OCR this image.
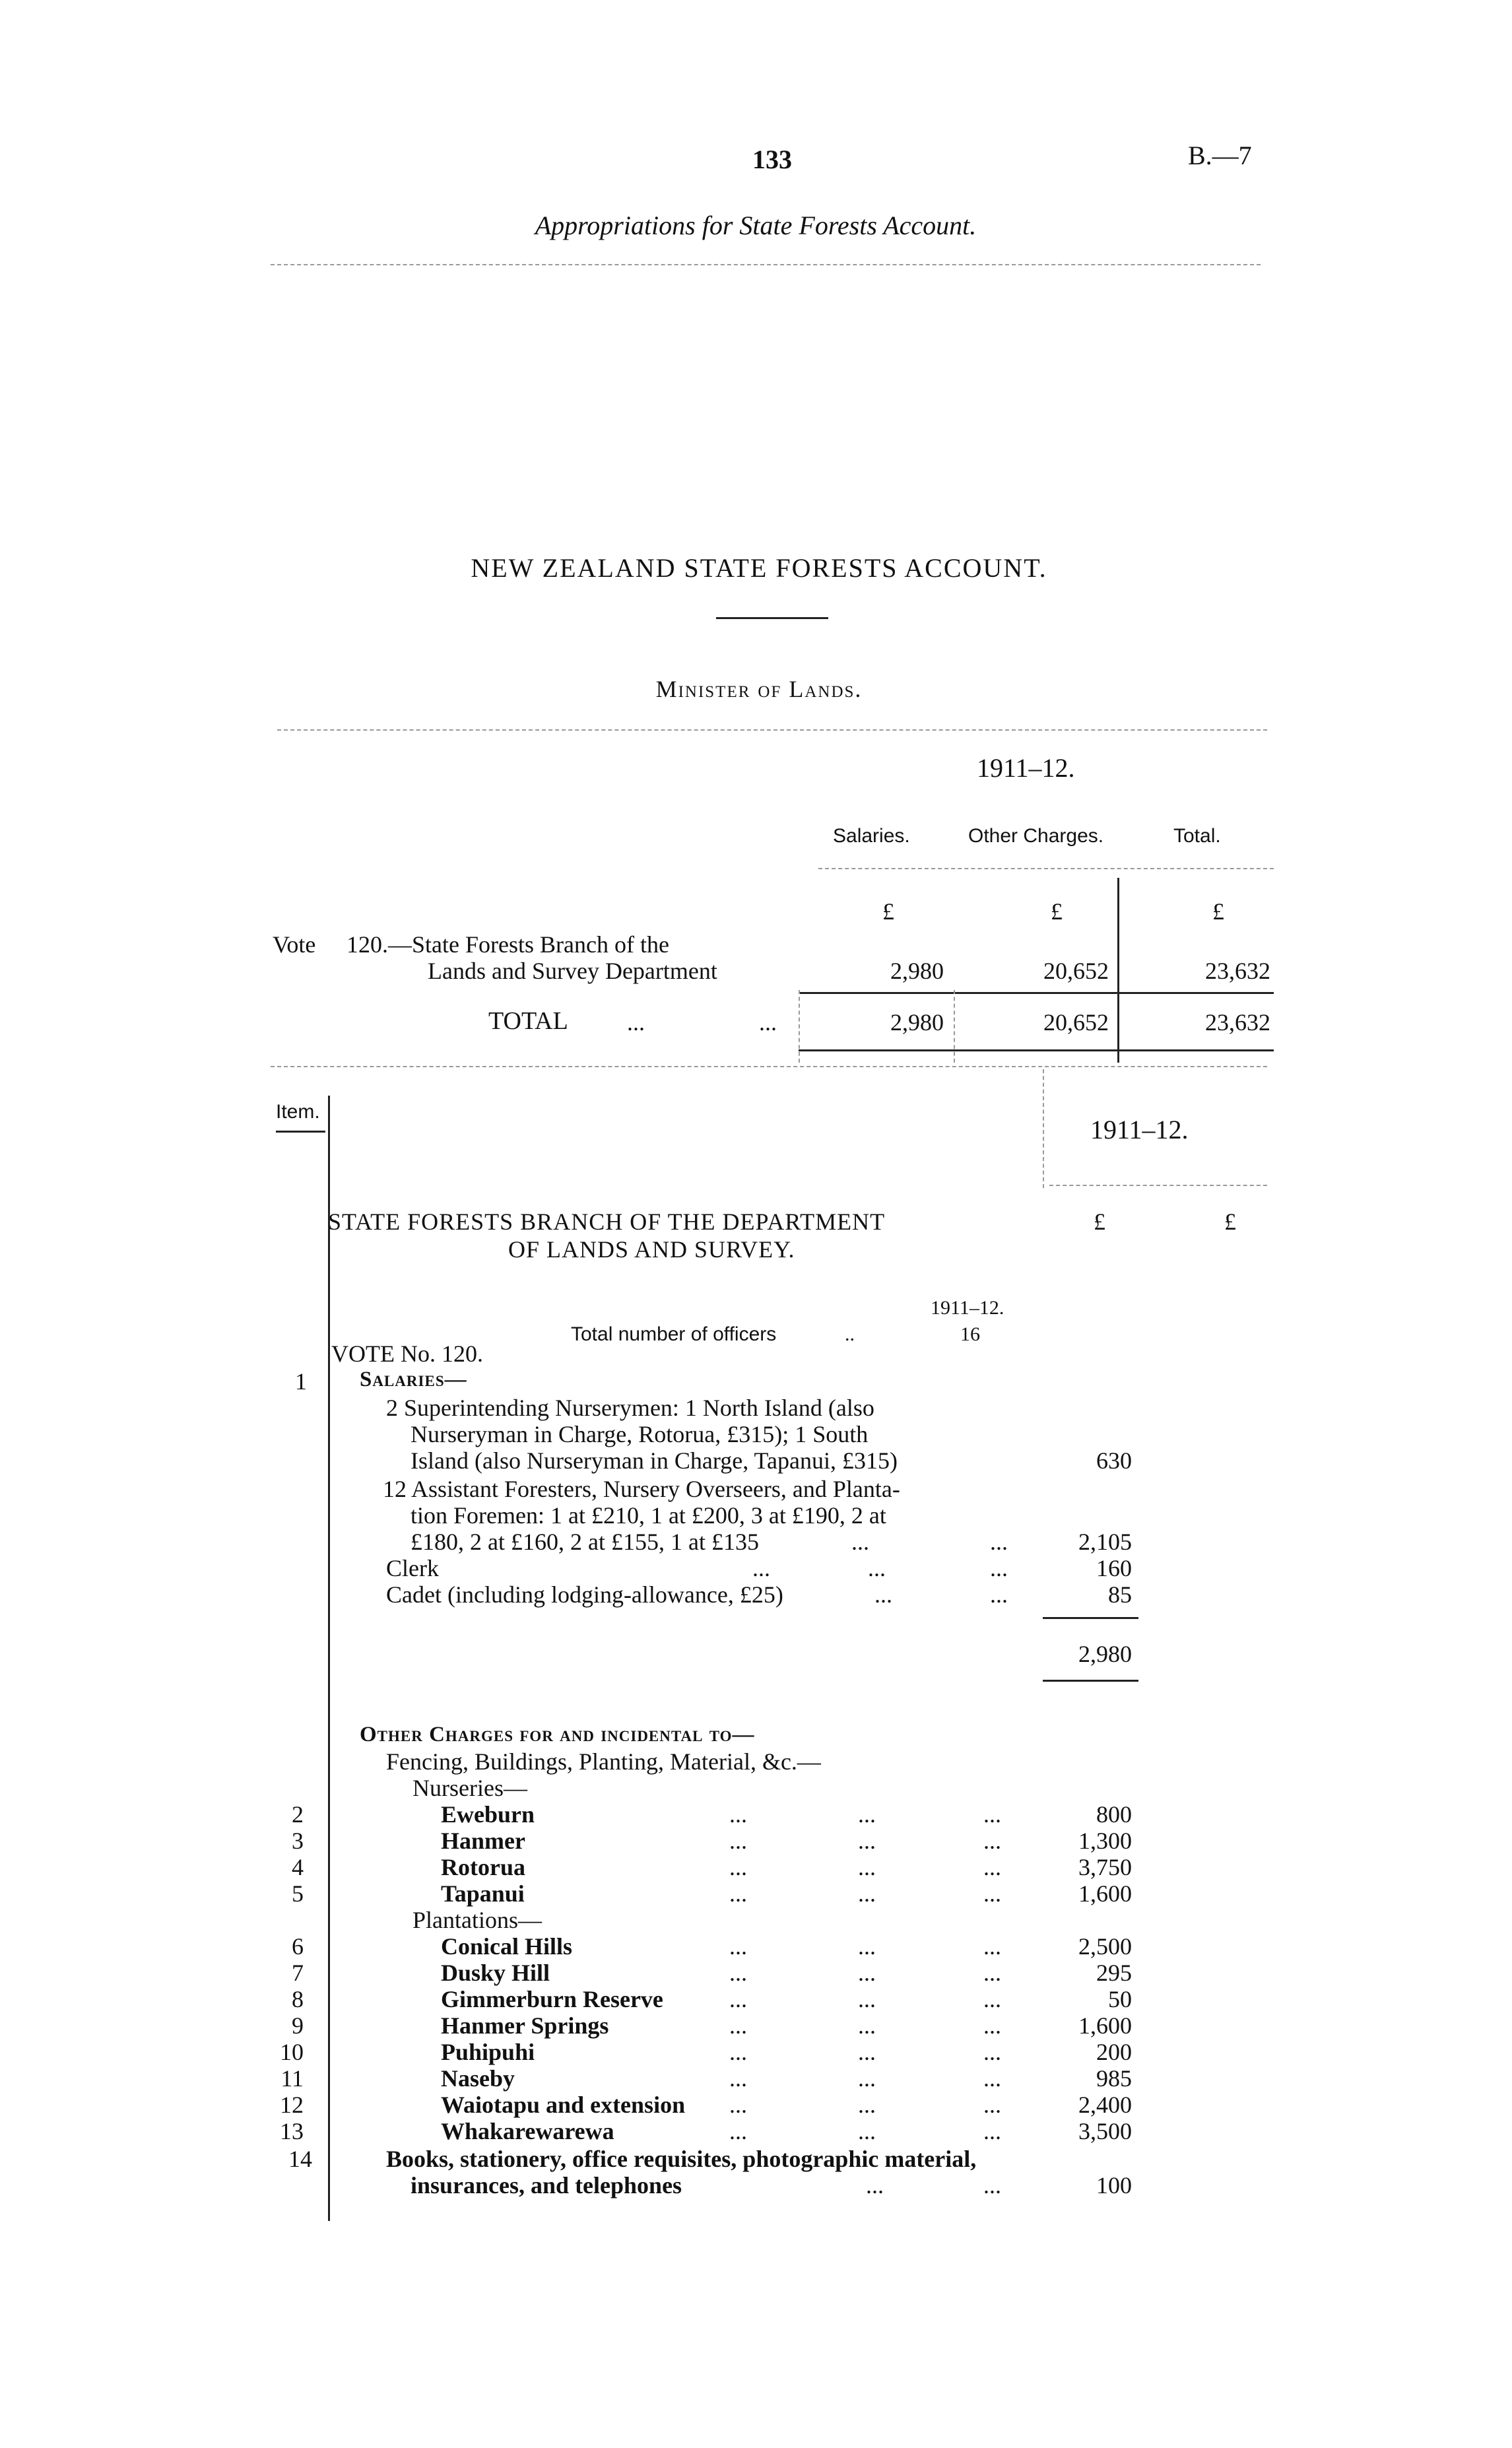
133	B.—7
Appropriations for State Forests Account.
NEW ZEALAND STATE FORESTS ACCOUNT.
Minister of Lands.
1911–12.
Salaries.	Other Charges.	Total.
£	£	£
Vote 120.—State Forests Branch of the
Lands and Survey Department	2,980	20,652	23,632
TOTAL ...	...	2,980	20,652	23,632
Item.
1911–12.
£	£
STATE FORESTS BRANCH OF THE DEPARTMENT
OF LANDS AND SURVEY.
1911–12.
Total number of officers	..	16
VOTE No. 120.
1 Salaries—
2 Superintending Nurserymen: 1 North Island (also
Nurseryman in Charge, Rotorua, £315); 1 South
Island (also Nurseryman in Charge, Tapanui, £315)	630
12 Assistant Foresters, Nursery Overseers, and Planta-
tion Foremen: 1 at £210, 1 at £200, 3 at £190, 2 at
£180, 2 at £160, 2 at £155, 1 at £135	...	...	2,105
Clerk	...	...	...	160
Cadet (including lodging-allowance, £25)	...	...	85
2,980
Other Charges for and incidental to—
Fencing, Buildings, Planting, Material, &c.—
Nurseries—
2	Eweburn	...	...	...	800
3	Hanmer	...	...	...	1,300
4	Rotorua	...	...	...	3,750
5	Tapanui	...	...	...	1,600
Plantations—
6	Conical Hills	...	...	...	2,500
7	Dusky Hill	...	...	...	295
8	Gimmerburn Reserve	...	...	...	50
9	Hanmer Springs	...	...	...	1,600
10	Puhipuhi	...	...	...	200
11	Naseby	...	...	...	985
12	Waiotapu and extension ...	...	...	2,400
13	Whakarewarewa	...	...	...	3,500
14	Books, stationery, office requisites, photographic material,
insurances, and telephones	...	...	100
